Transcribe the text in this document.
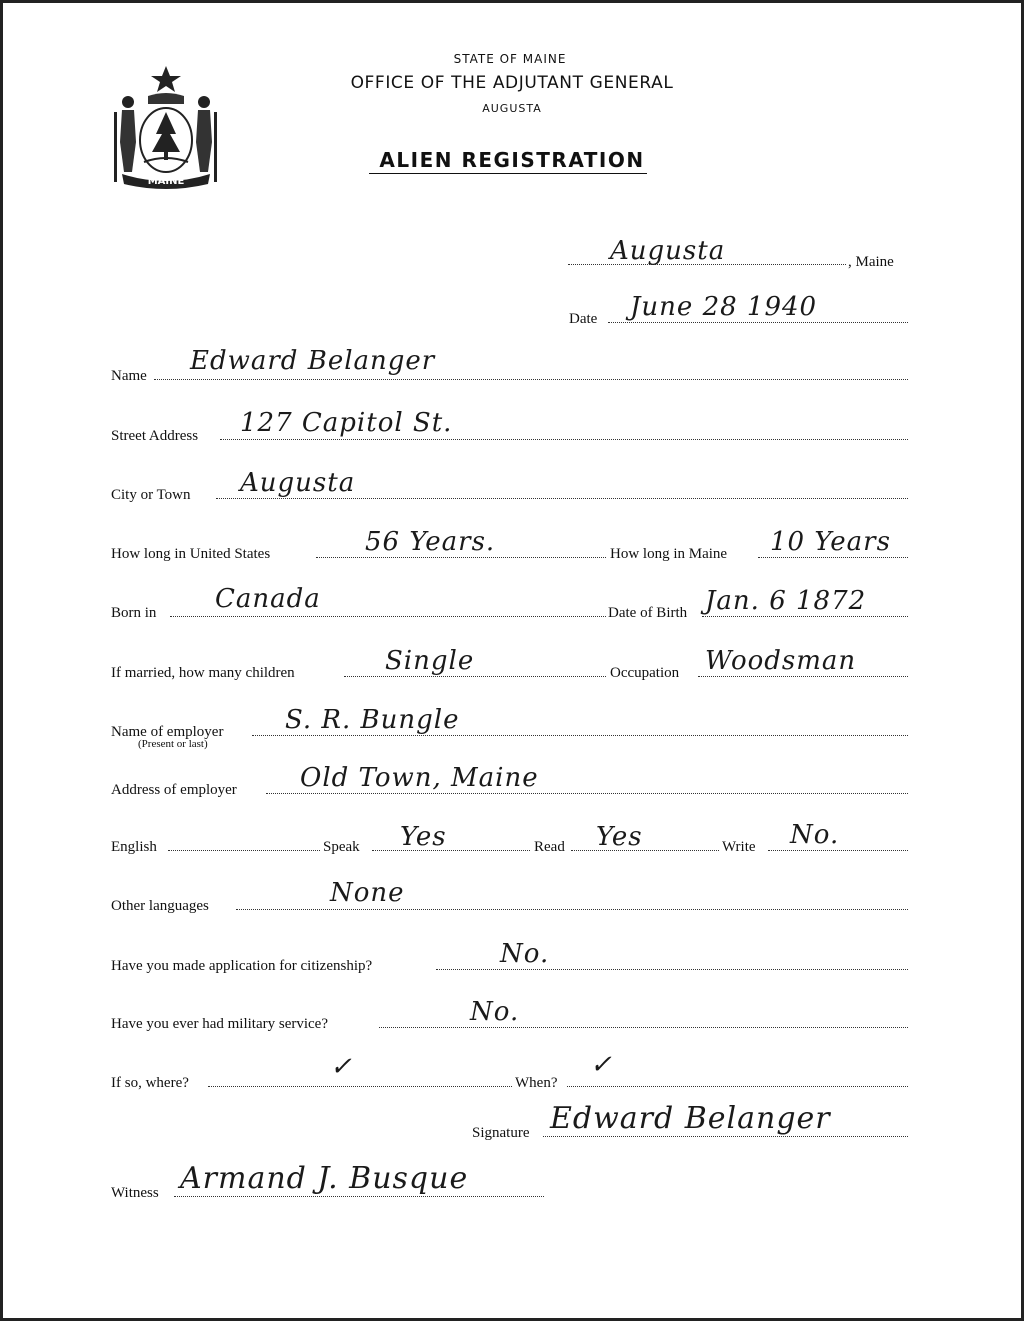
MAINE
STATE OF MAINE
OFFICE OF THE ADJUTANT GENERAL
AUGUSTA
ALIEN REGISTRATION
Augusta	, Maine
Date June 28 1940
Name Edward Belanger
Street Address 127 Capitol St.
City or Town Augusta
How long in United States	56 Years.	How long in Maine 10 Years
Born in Canada	Date of Birth Jan. 6 1872
If married, how many children	Single	Occupation Woodsman
Name of employer
(Present or last)
S. R. Bungle
Address of employer Old Town, Maine
English	Speak Yes	Read Yes	Write No.
Other languages	None
Have you made application for citizenship?	No.
Have you ever had military service?	No.
If so, where?
✓
When?
✓
Signature Edward Belanger
Witness Armand J. Busque
